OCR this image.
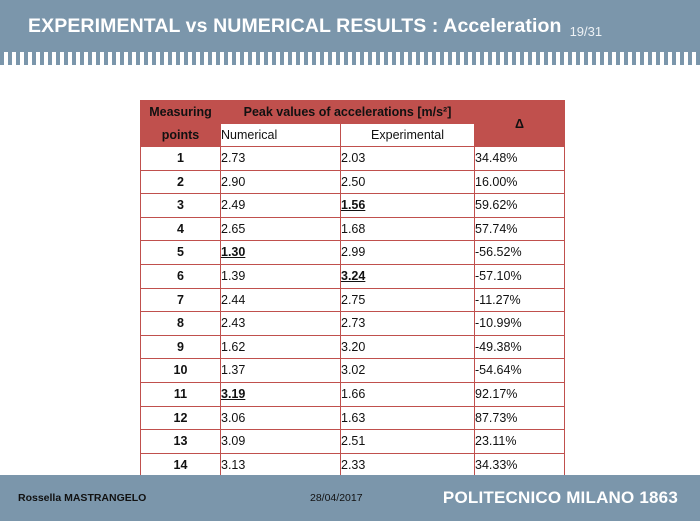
EXPERIMENTAL vs NUMERICAL RESULTS : Acceleration 19/31
Measuring	Peak values of accelerations [m/s²]		Δ
points	Numerical	Experimental	
1	2.73	2.03	34.48%
2	2.90	2.50	16.00%
3	2.49	1.56	59.62%
4	2.65	1.68	57.74%
5	1.30	2.99	-56.52%
6	1.39	3.24	-57.10%
7	2.44	2.75	-11.27%
8	2.43	2.73	-10.99%
9	1.62	3.20	-49.38%
10	1.37	3.02	-54.64%
11	3.19	1.66	92.17%
12	3.06	1.63	87.73%
13	3.09	2.51	23.11%
14	3.13	2.33	34.33%
Rossella MASTRANGELO	28/04/2017	POLITECNICO MILANO 1863
